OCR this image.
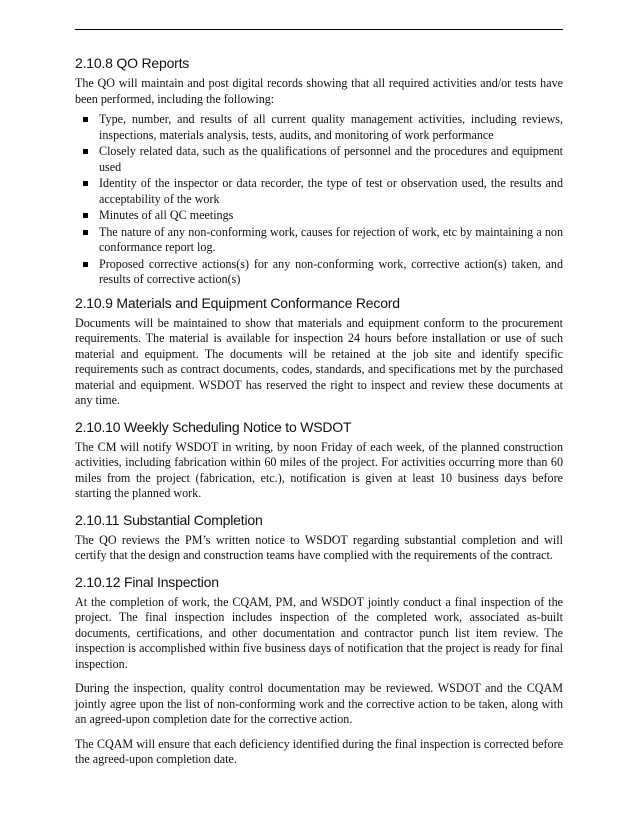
2.10.8 QO Reports

The QO will maintain and post digital records showing that all required activities and/or tests have been performed, including the following:

Type, number, and results of all current quality management activities, including reviews, inspections, materials analysis, tests, audits, and monitoring of work performance
Closely related data, such as the qualifications of personnel and the procedures and equipment used
Identity of the inspector or data recorder, the type of test or observation used, the results and acceptability of the work
Minutes of all QC meetings
The nature of any non-conforming work, causes for rejection of work, etc by maintaining a non conformance report log.
Proposed corrective actions(s) for any non-conforming work, corrective action(s) taken, and results of corrective action(s)
2.10.9 Materials and Equipment Conformance Record

Documents will be maintained to show that materials and equipment conform to the procurement requirements. The material is available for inspection 24 hours before installation or use of such material and equipment. The documents will be retained at the job site and identify specific requirements such as contract documents, codes, standards, and specifications met by the purchased material and equipment. WSDOT has reserved the right to inspect and review these documents at any time.

2.10.10 Weekly Scheduling Notice to WSDOT

The CM will notify WSDOT in writing, by noon Friday of each week, of the planned construction activities, including fabrication within 60 miles of the project. For activities occurring more than 60 miles from the project (fabrication, etc.), notification is given at least 10 business days before starting the planned work.

2.10.11 Substantial Completion

The QO reviews the PM’s written notice to WSDOT regarding substantial completion and will certify that the design and construction teams have complied with the requirements of the contract.

2.10.12 Final Inspection

At the completion of work, the CQAM, PM, and WSDOT jointly conduct a final inspection of the project. The final inspection includes inspection of the completed work, associated as-built documents, certifications, and other documentation and contractor punch list item review. The inspection is accomplished within five business days of notification that the project is ready for final inspection.

During the inspection, quality control documentation may be reviewed. WSDOT and the CQAM jointly agree upon the list of non-conforming work and the corrective action to be taken, along with an agreed-upon completion date for the corrective action.

The CQAM will ensure that each deficiency identified during the final inspection is corrected before the agreed-upon completion date.
